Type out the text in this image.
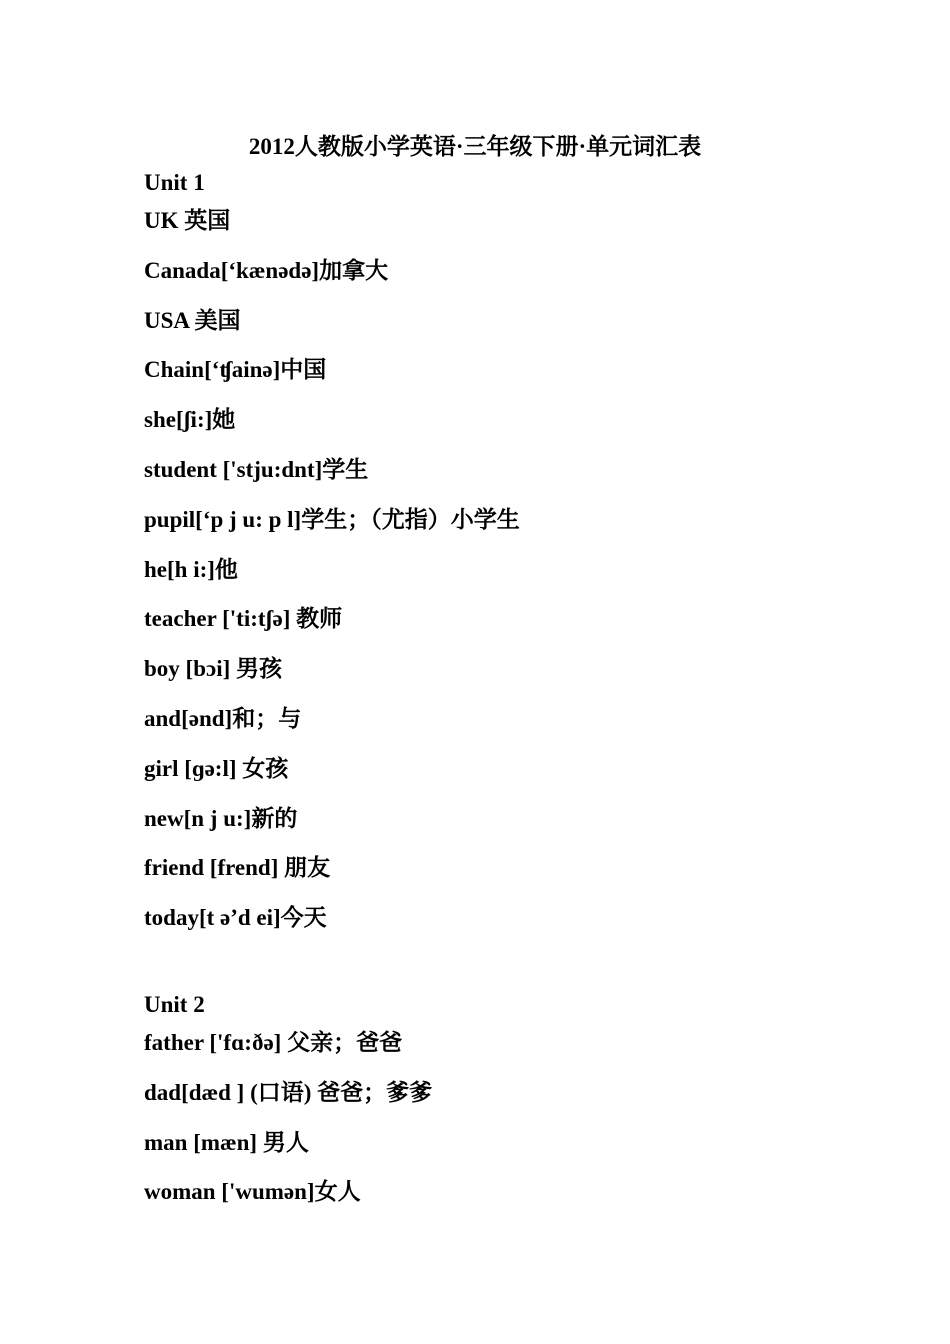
2012人教版小学英语·三年级下册·单元词汇表
Unit 1
UK 英国
Canada[‘kænədə]加拿大
USA 美国
Chain[‘ʧainə]中国
she[ʃi:]她
student ['stju:dnt]学生
pupil[‘p j u: p l]学生；（尤指）小学生
he[h i:]他
teacher ['ti:tʃə] 教师
boy [bɔi] 男孩
and[ənd]和；与
girl [ɡə:l] 女孩
new[n j u:]新的
friend [frend] 朋友
today[t ə’d ei]今天
Unit 2
father ['fɑ:ðə] 父亲；爸爸
dad[dæd ] (口语) 爸爸；爹爹
man [mæn] 男人
woman ['wumən]女人
